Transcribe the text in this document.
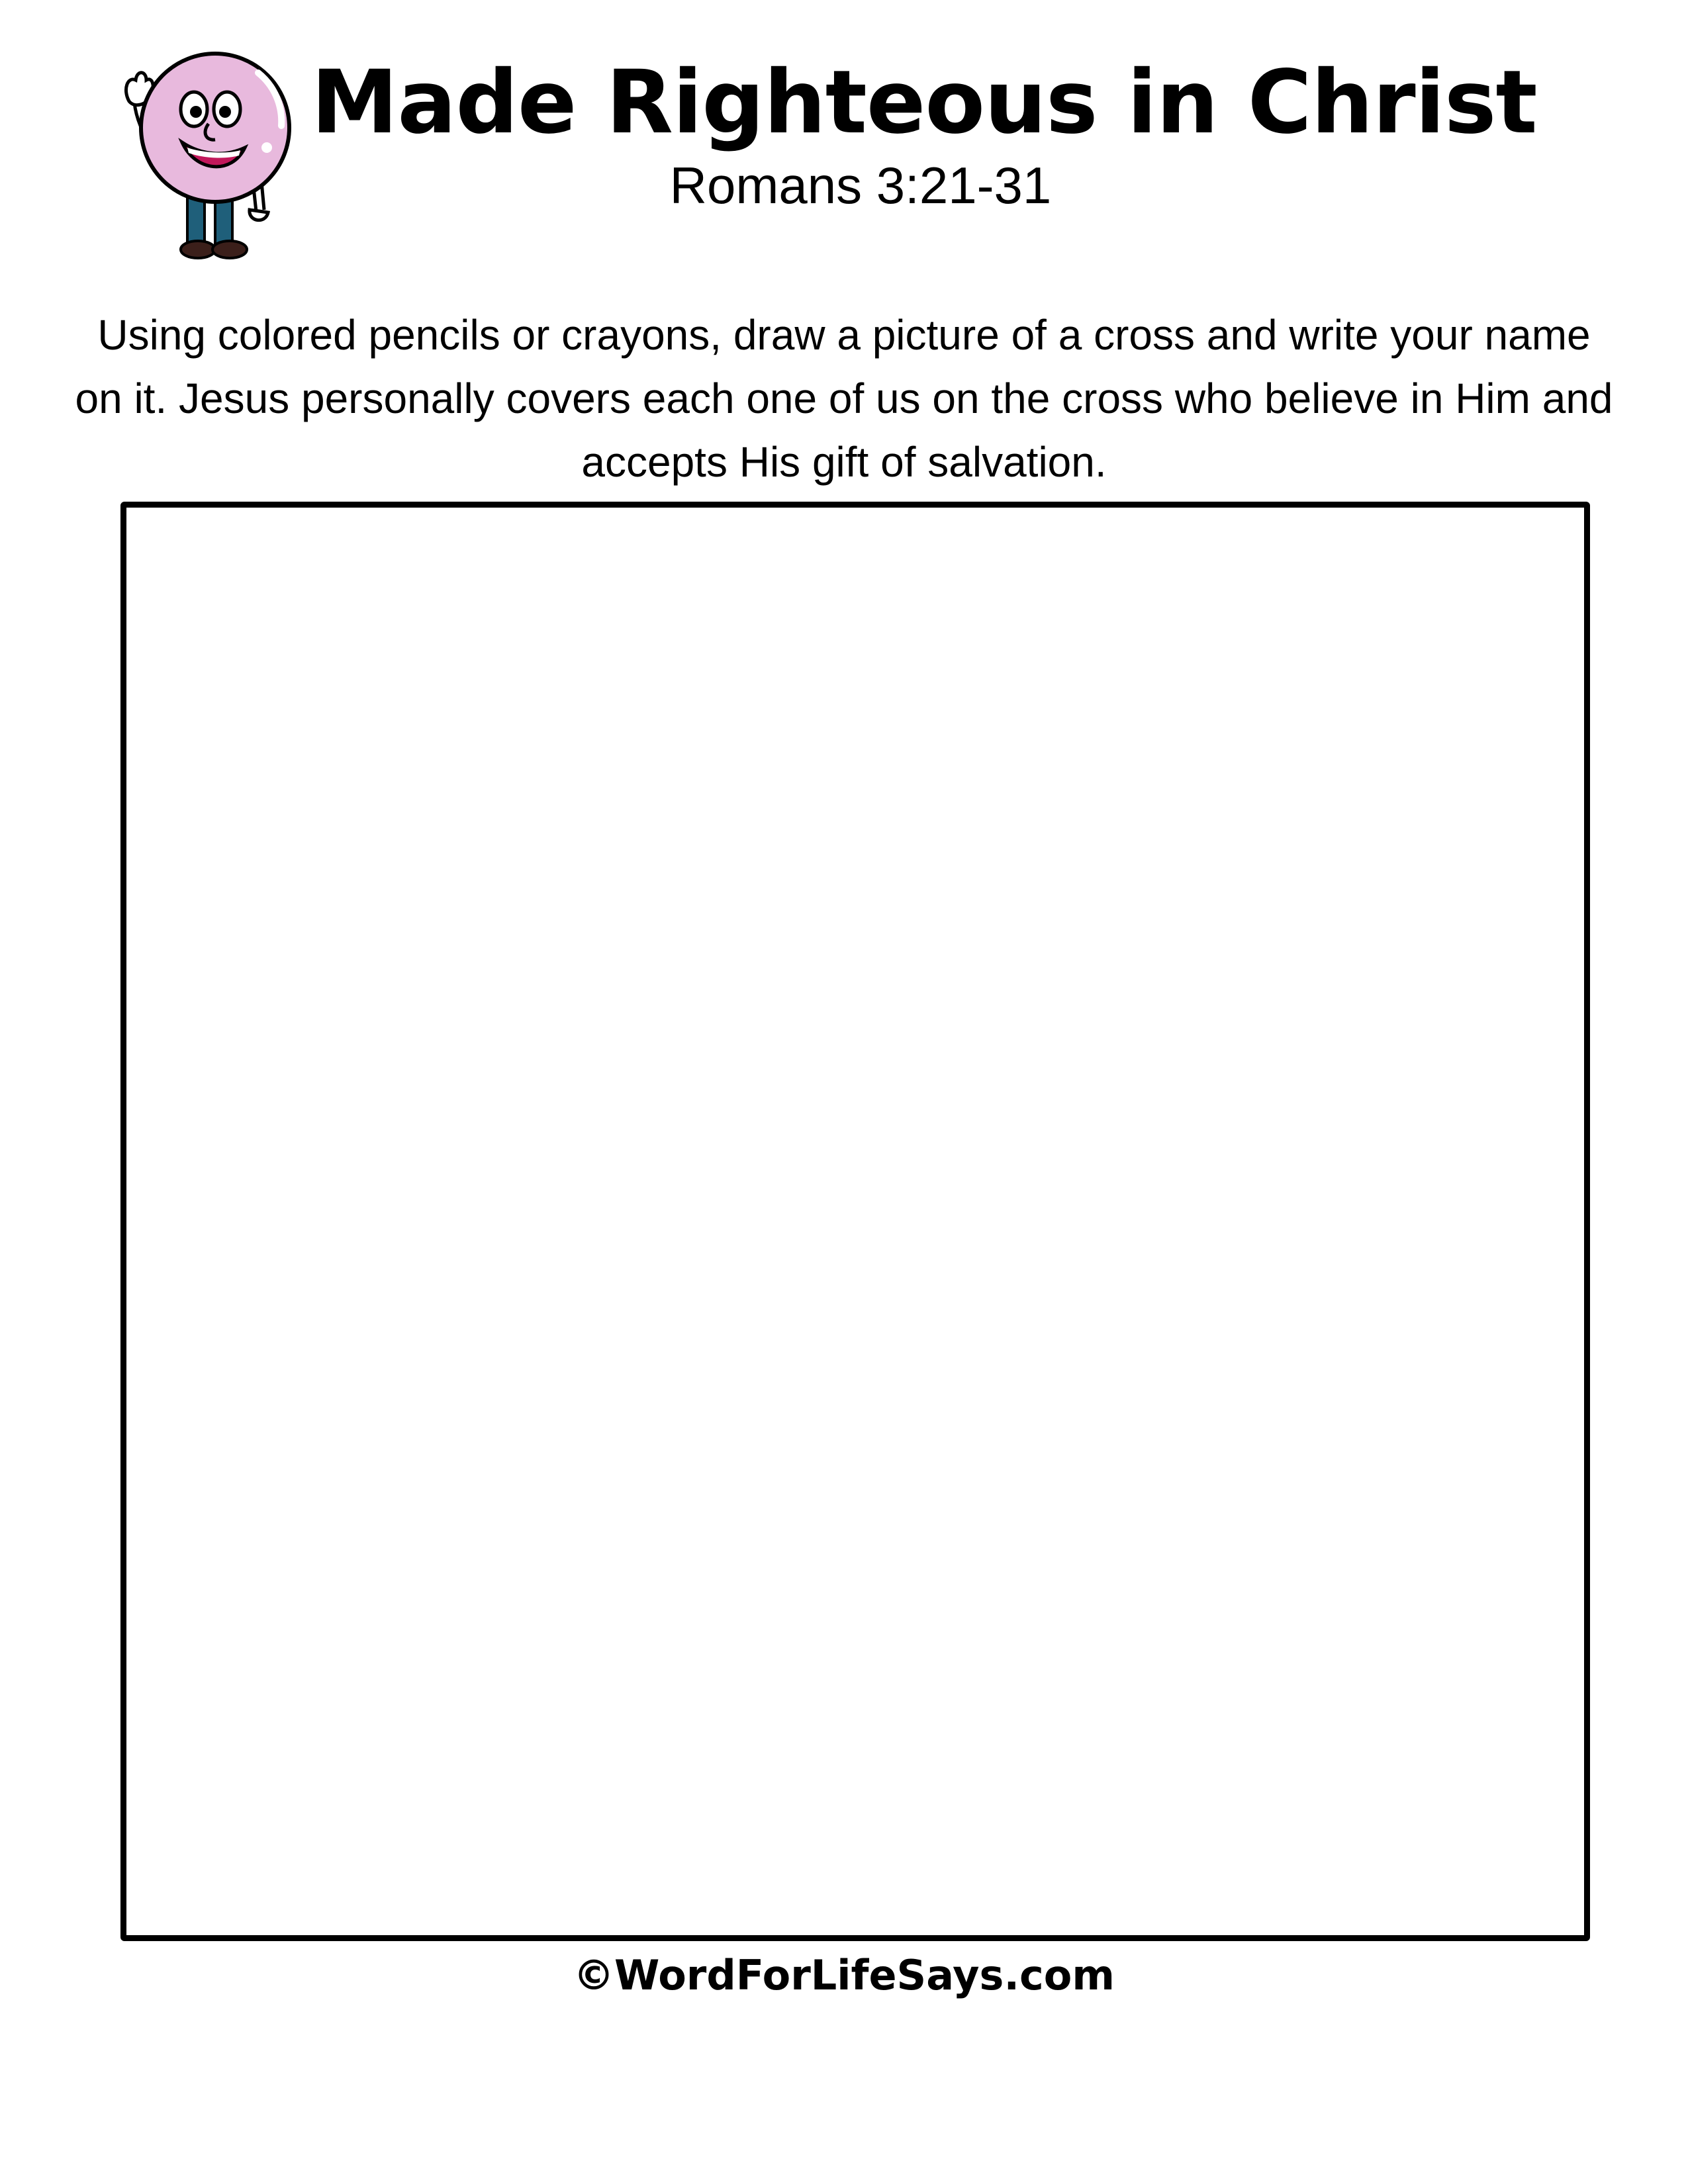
Made Righteous in Christ
Romans 3:21-31
Using colored pencils or crayons, draw a picture of a cross and write your name on it. Jesus personally covers each one of us on the cross who believe in Him and accepts His gift of salvation.
©WordForLifeSays.com
